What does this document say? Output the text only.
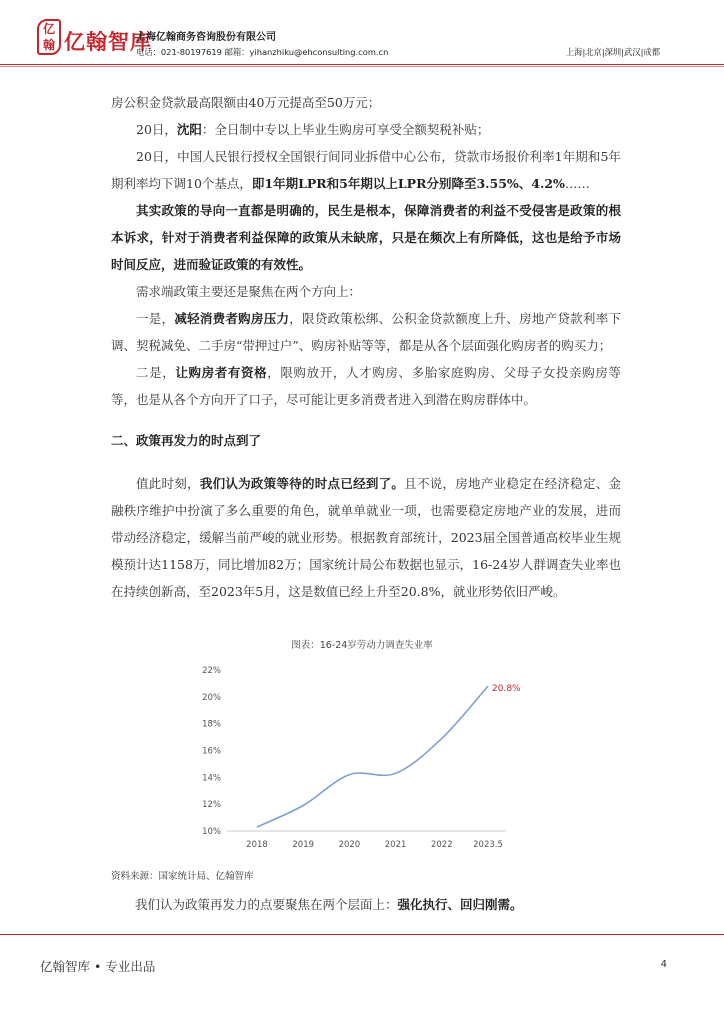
亿翰 亿翰智库
上海亿翰商务咨询股份有限公司
电话：021-80197619 邮箱：yihanzhiku@ehconsulting.com.cn	上海|北京|深圳|武汉|成都

房公积金贷款最高限额由40万元提高至50万元；

20日，沈阳：全日制中专以上毕业生购房可享受全额契税补贴；

20日，中国人民银行授权全国银行间同业拆借中心公布，贷款市场报价利率1年期和5年期利率均下调10个基点，即1年期LPR和5年期以上LPR分别降至3.55%、4.2%……

其实政策的导向一直都是明确的，民生是根本，保障消费者的利益不受侵害是政策的根本诉求，针对于消费者利益保障的政策从未缺席，只是在频次上有所降低，这也是给予市场时间反应，进而验证政策的有效性。

需求端政策主要还是聚焦在两个方向上：

一是，减轻消费者购房压力，限贷政策松绑、公积金贷款额度上升、房地产贷款利率下调、契税减免、二手房“带押过户”、购房补贴等等，都是从各个层面强化购房者的购买力；

二是，让购房者有资格，限购放开，人才购房、多胎家庭购房、父母子女投亲购房等等，也是从各个方向开了口子，尽可能让更多消费者进入到潜在购房群体中。

二、政策再发力的时点到了

值此时刻，我们认为政策等待的时点已经到了。且不说，房地产业稳定在经济稳定、金融秩序维护中扮演了多么重要的角色，就单单就业一项，也需要稳定房地产业的发展，进而带动经济稳定，缓解当前严峻的就业形势。根据教育部统计，2023届全国普通高校毕业生规模预计达1158万，同比增加82万；国家统计局公布数据也显示，16-24岁人群调查失业率也在持续创新高，至2023年5月，这是数值已经上升至20.8%，就业形势依旧严峻。

图表：16-24岁劳动力调查失业率
10%
12%
14%
16%
18%
20%
22%
2018	2019	2020	2021	2022 2023.5
20.8%
资料来源：国家统计局、亿翰智库
我们认为政策再发力的点要聚焦在两个层面上：强化执行、回归刚需。
亿翰智库 • 专业出品	4
